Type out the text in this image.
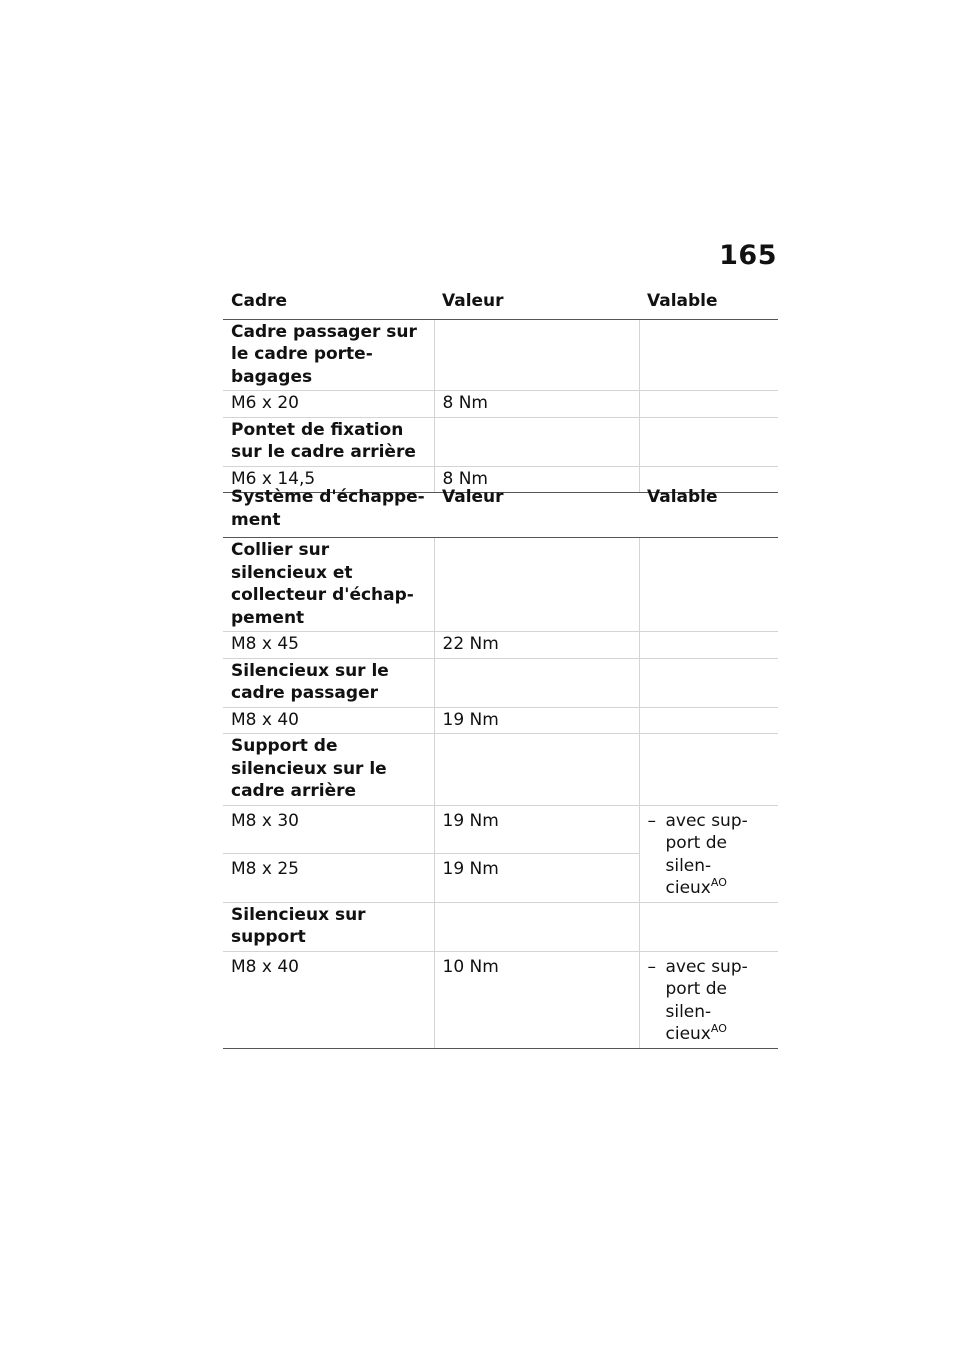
165
Cadre	Valeur	Valable
Cadre passager sur le cadre porte-bagages		
M6 x 20	8 Nm	
Pontet de fixation sur le cadre arrière		
M6 x 14,5	8 Nm	
Système d'échappe-ment	Valeur	Valable
Collier sur silencieux et collecteur d'échap-pement		
M8 x 45	22 Nm	
Silencieux sur le cadre passager		
M8 x 40	19 Nm	
Support de silencieux sur le cadre arrière		
M8 x 30	19 Nm	– avec sup-port de silen-cieux$^{AO}$

M8 x 25	19 Nm	
Silencieux sur support		
M8 x 40	10 Nm	– avec sup-port de silen-cieux$^{AO}$
